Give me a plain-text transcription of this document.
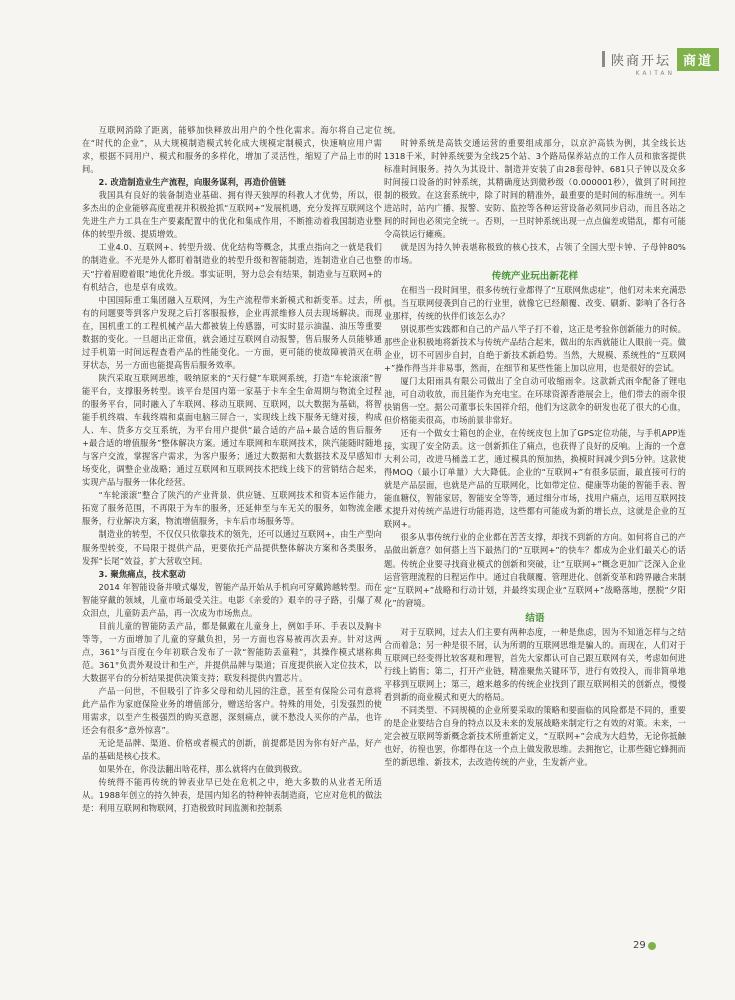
陕商开坛 商道
KAITAN

互联网消除了距离，能够加快释放出用户的个性化需求。海尔将自己定位在“时代的企业”，从大规模制造模式转化成大规模定制模式，快速响应用户需求，根据不同用户、模式和服务的多样化，增加了灵活性，缩短了产品上市的时间。

2. 改造制造业生产流程，向服务谋利，再造价值链

我国具有良好的装备制造业基础、拥有得天独厚的科教人才优势，所以，很多杰出的企业能够高度重视并积极抢抓“互联网+”发展机遇，充分发挥互联网这个先进生产力工具在生产要素配置中的优化和集成作用，不断推动着我国制造业整体的转型升级、提质增效。

工业4.0、互联网+、转型升级、优化结构等概念，其重点指向之一就是我们的制造业。不光是外人都盯着制造业的转型升级和智能制造，连制造业自己也整天“拧着眉瞪着眼”地优化升级。事实证明，努力总会有结果，制造业与互联网+的有机结合，也是卓有成效。

中国国际重工集团融入互联网，为生产流程带来新模式和新变革。过去，所有的问题要等到客户发现之后打客服报修，企业再派维修人员去现场解决。而现在，国机重工的工程机械产品大都被装上传感器，可实时显示油温、油压等重要数据的变化。一旦超出正常值，就会通过互联网自动报警，售后服务人员能够通过手机第一时间远程查看产品的性能变化。一方面，更可能的使故障被消灭在萌芽状态，另一方面也能提高售后服务效率。

陕汽采取互联网思维，吸纳原来的“天行健”车联网系统，打造“车轮滚滚”智能平台，支撑服务转型。该平台是国内第一家基于卡车全生命周期与物流全过程的服务平台，同时融入了车联网、移动互联网、互联网，以大数据为基础，将智能手机终端、车载终端和桌面电脑三屏合一，实现线上线下服务无缝对接，构成人、车、货多方交互系统，为平台用户提供“最合适的产品+最合适的售后服务+最合适的增值服务”整体解决方案。通过车联网和车联网技术，陕汽能随时随地与客户交流，掌握客户需求，为客户服务；通过大数据和大数据技术及早感知市场变化，调整企业战略；通过互联网和互联网技术把线上线下的营销结合起来，实现产品与服务一体化经营。

“车轮滚滚”整合了陕汽的产业背景、供应链、互联网技术和资本运作能力，拓宽了服务范围，不再限于为车的服务，还延伸至与车无关的服务，如物流金融服务，行业解决方案，物流增值服务，卡车后市场服务等。

制造业的转型，不仅仅只依靠技术的领先，还可以通过互联网+，由生产型向服务型转变，不局限于提供产品，更要依托产品提供整体解决方案和各类服务，发挥“长尾”效益，扩大营收空间。

3. 聚焦痛点，技术驱动

2014 年智能设备井喷式爆发，智能产品开始从手机向可穿戴跨越转型。而在智能穿戴的领域，儿童市场最受关注。电影《亲爱的》艰辛的寻子路，引爆了观众泪点，儿童防丢产品，再一次成为市场焦点。

目前儿童的智能防丢产品，都是佩戴在儿童身上，例如手环、手表以及胸卡等等，一方面增加了儿童的穿戴负担，另一方面也容易被再次丢弃。针对这两点，361°与百度在今年初联合发布了一款“智能防丢童鞋”，其操作模式堪称典范。361°负责外观设计和生产，并提供品牌与渠道；百度提供嵌入定位技术，以大数据平台的分析结果提供决策支持；联发科提供内置芯片。

产品一问世，不但吸引了许多父母和幼儿园的注意，甚至有保险公司有意将此产品作为家庭保险业务的增值部分，赠送给客户。特殊的用处，引发强烈的使用需求，以至产生极强烈的购买意愿，深刻痛点，就不愁没人买你的产品，也许还会有很多“意外惊喜”。

无论是品牌、渠道、价格或者模式的创新，前提都是因为你有好产品，好产品的基础是核心技术。

如果外在，你没法翻出啥花样，那么就将内在做到极致。

传统得不能再传统的钟表业早已处在危机之中，绝大多数的从业者无所适从。1988年创立的持久钟表，是国内知名的特种钟表制造商，它应对危机的做法是：利用互联网和物联网，打造极致时间监测和控制系

统。

时钟系统是高铁交通运营的重要组成部分，以京沪高铁为例，其全线长达1318千米，时钟系统要为全线25个站、3个路局保养站点的工作人员和旅客提供标准时间服务。持久为其设计、制造并安装了由28套母钟、681只子钟以及众多时间接口设备的时钟系统，其精确度达到微秒级（0.000001秒），做到了时间控制的极致。在这套系统中，除了时间的精准外，最重要的是时间的标准统一。列车进站时，站内广播、报警、安防、监控等各种运营设备必须同步启动，而且各站之间的时间也必须完全统一。否则，一旦时钟系统出现一点点偏差或错乱，都有可能令高铁运行瘫痪。

就是因为持久钟表堪称极致的核心技术，占领了全国大型卡钟、子母钟80%的市场。

传统产业玩出新花样

在相当一段时间里，很多传统行业都得了“互联网焦虑症”，他们对未来充满恐惧。当互联网侵袭到自己的行业里，就像它已经颠覆、改变、刷新、影响了各行各业那样，传统的伙伴们该怎么办？

别说那些实践都和自己的产品八竿子打不着，这正是考验你创新能力的时候。那些企业积极地将新技术与传统产品结合起来，做出的东西就能让人眼前一亮。做企业，切不可固步自封，自绝于新技术新趋势。当然，大规模、系统性的“互联网+”操作得当并非易事，然而，在细节和某些性能上加以应用，也是很好的尝试。

厦门太阳雨具有限公司做出了全自动可收缩雨伞。这款新式雨伞配备了锂电池，可自动收放，而且能作为充电宝。在环球资源香港展会上，他们带去的雨伞很快销售一空。据公司董事长朱国祥介绍，他们为这款伞的研发也花了很大的心血，但价格能卖很高，市场前景非常好。

还有一个做女士箱包的企业，在传统皮包上加了GPS定位功能，与手机APP连接，实现了安全防丢。这一创新抓住了痛点，也获得了良好的反响。上海的一个意大利公司，改进马桶盖工艺，通过模具的预加热，换模时间减少到5分钟。这款使得MOQ（最小订单量）大大降低。企业的“互联网+”有很多层面，最直接可行的就是产品层面，也就是产品的互联网化，比如带定位、健康等功能的智能手表、智能血糖仪，智能家居，智能安全等等，通过细分市场，找用户痛点，运用互联网技术提升对传统产品进行功能再造，这些都有可能成为新的增长点，这就是企业的互联网+。

很多从事传统行业的企业都在苦苦支撑，却找不到新的方向。如何将自己的产品做出新意？如何搭上当下最热门的“互联网+”的快车？都成为企业们最关心的话题。传统企业要寻找商业模式的创新和突破，让“互联网+”概念更加广泛深入企业运营管理流程的日程运作中。通过自我颠覆、管理进化、创新变革和跨界融合来制定“互联网+”战略和行动计划，并最终实现企业“互联网+”战略落地，摆脱“夕阳化”的窘境。

结语

对于互联网，过去人们主要有两种态度，一种是焦虑，因为不知道怎样与之结合而着急；另一种是很不屑，认为所谓的互联网思维是骗人的。而现在，人们对于互联网已经变得比较客观和理智，首先大家都认可自己跟互联网有关，考虑如何进行线上销售；第二，打开产业链，精准聚焦关键环节，进行有效投入，而非简单地平移到互联网上；第三，越来越多的传统企业找到了跟互联网相关的创新点，慢慢看到新的商业模式和更大的格局。

不同类型、不同规模的企业所要采取的策略和要面临的风险都是不同的，重要的是企业要结合自身的特点以及未来的发展战略来制定行之有效的对策。未来，一定会被互联网等新概念新技术所重新定义，“互联网+”会成为大趋势，无论你抵触也好，彷徨也罢，你都得在这一个点上做发散思维。去拥抱它，让那些随它蜂拥而至的新思维、新技术，去改造传统的产业，生发新产业。

29
